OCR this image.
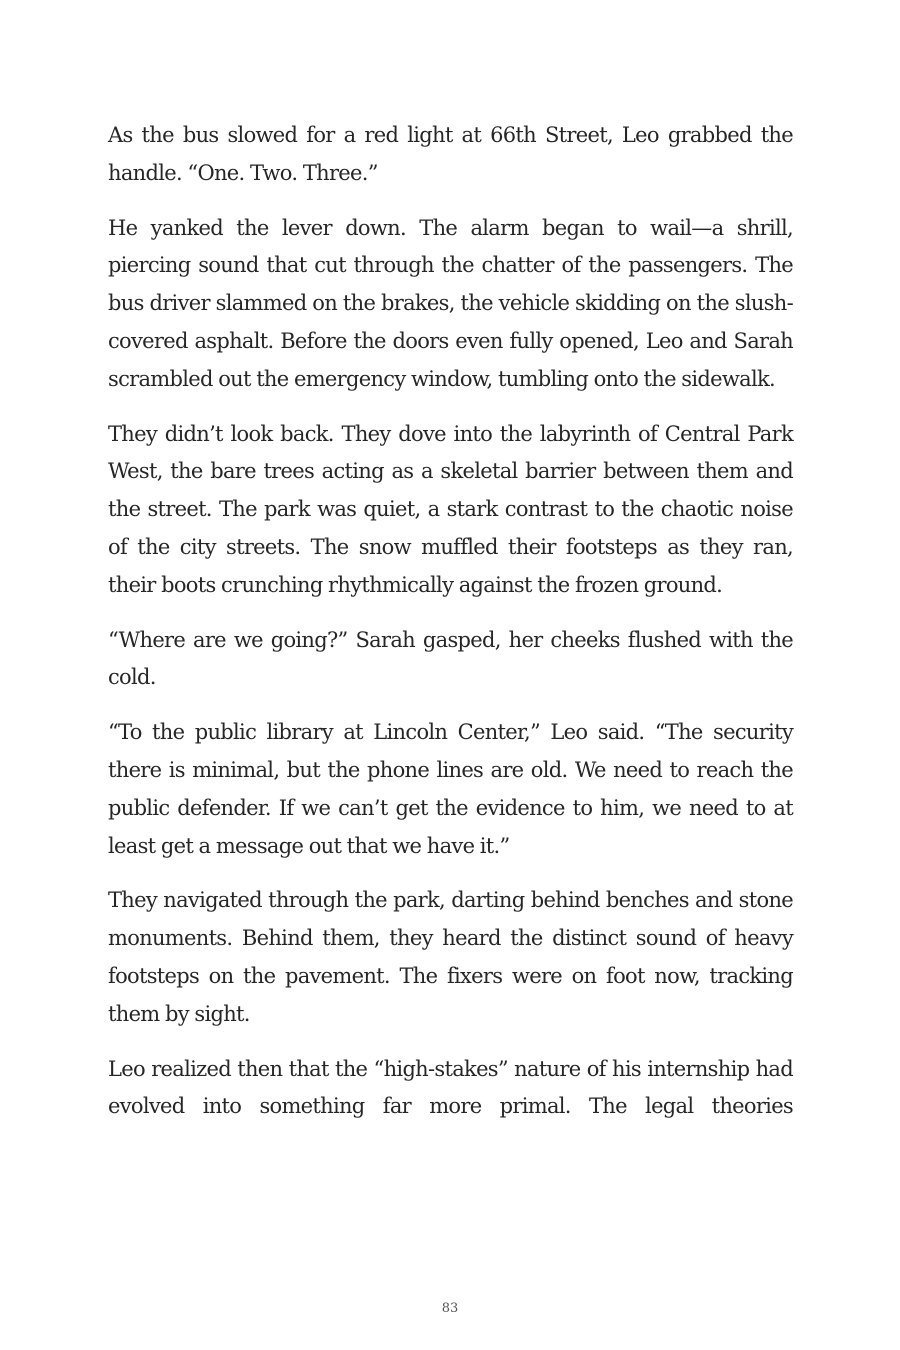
As the bus slowed for a red light at 66th Street, Leo grabbed the handle. “One. Two. Three.”

He yanked the lever down. The alarm began to wail—a shrill, piercing sound that cut through the chatter of the passengers. The bus driver slammed on the brakes, the vehicle skidding on the slush-covered asphalt. Before the doors even fully opened, Leo and Sarah scrambled out the emergency window, tumbling onto the sidewalk.

They didn’t look back. They dove into the labyrinth of Central Park West, the bare trees acting as a skeletal barrier between them and the street. The park was quiet, a stark contrast to the chaotic noise of the city streets. The snow muffled their footsteps as they ran, their boots crunching rhythmically against the frozen ground.

“Where are we going?” Sarah gasped, her cheeks flushed with the cold.

“To the public library at Lincoln Center,” Leo said. “The security there is minimal, but the phone lines are old. We need to reach the public defender. If we can’t get the evidence to him, we need to at least get a message out that we have it.”

They navigated through the park, darting behind benches and stone monuments. Behind them, they heard the distinct sound of heavy footsteps on the pavement. The fixers were on foot now, tracking them by sight.

Leo realized then that the “high-stakes” nature of his internship had evolved into something far more primal. The legal theories

83
